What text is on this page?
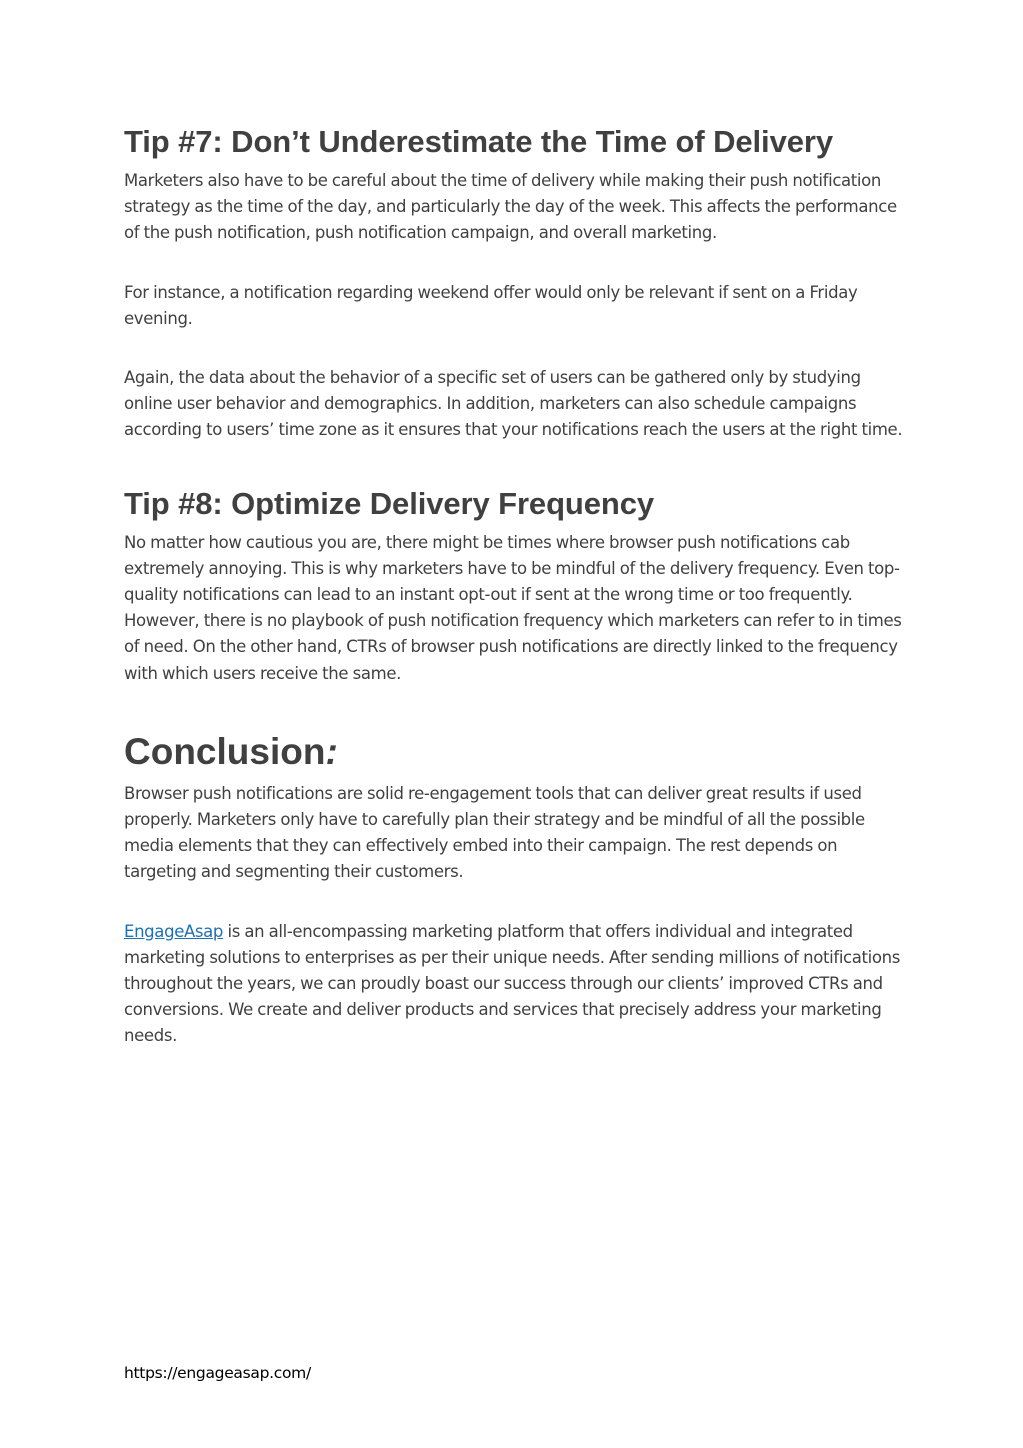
Tip #7: Don’t Underestimate the Time of Delivery

Marketers also have to be careful about the time of delivery while making their push notification strategy as the time of the day, and particularly the day of the week. This affects the performance of the push notification, push notification campaign, and overall marketing.

For instance, a notification regarding weekend offer would only be relevant if sent on a Friday evening.

Again, the data about the behavior of a specific set of users can be gathered only by studying online user behavior and demographics. In addition, marketers can also schedule campaigns according to users’ time zone as it ensures that your notifications reach the users at the right time.

Tip #8: Optimize Delivery Frequency

No matter how cautious you are, there might be times where browser push notifications cab extremely annoying. This is why marketers have to be mindful of the delivery frequency. Even top-quality notifications can lead to an instant opt-out if sent at the wrong time or too frequently. However, there is no playbook of push notification frequency which marketers can refer to in times of need. On the other hand, CTRs of browser push notifications are directly linked to the frequency with which users receive the same.

Conclusion:

Browser push notifications are solid re-engagement tools that can deliver great results if used properly. Marketers only have to carefully plan their strategy and be mindful of all the possible media elements that they can effectively embed into their campaign. The rest depends on targeting and segmenting their customers.

EngageAsap is an all-encompassing marketing platform that offers individual and integrated marketing solutions to enterprises as per their unique needs. After sending millions of notifications throughout the years, we can proudly boast our success through our clients’ improved CTRs and conversions. We create and deliver products and services that precisely address your marketing needs.

https://engageasap.com/
